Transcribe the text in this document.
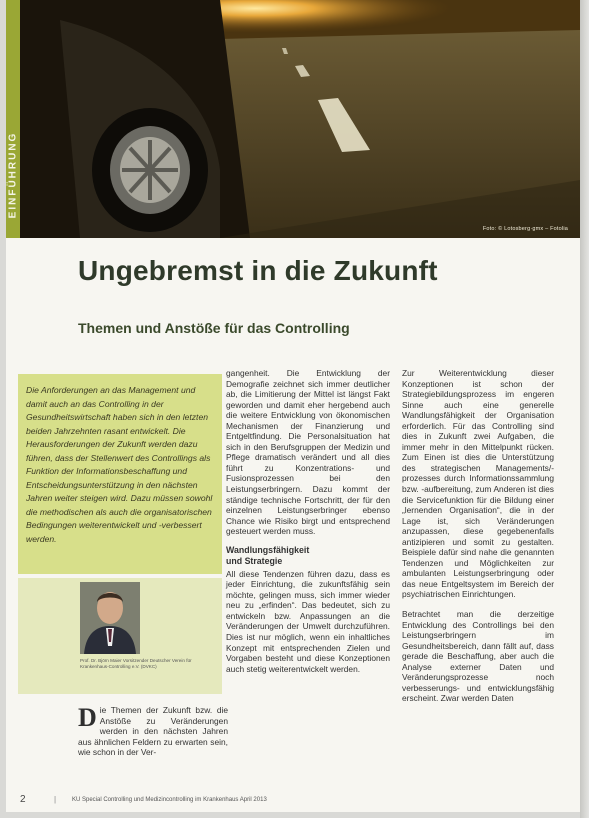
EINFÜHRUNG
Foto: © Lotosberg·gmx – Fotolia
Ungebremst in die Zukunft
Themen und Anstöße für das Controlling

Die Anforderungen an das Management und damit auch an das Controlling in der Gesundheitswirtschaft haben sich in den letzten beiden Jahrzehnten rasant entwickelt. Die Herausforderungen der Zukunft werden dazu führen, dass der Stellenwert des Controllings als Funktion der Informationsbeschaffung und Entscheidungsunterstützung in den nächsten Jahren weiter steigen wird. Dazu müssen sowohl die methodischen als auch die organisatorischen Bedingungen weiterentwickelt und -verbessert werden.

Prof. Dr. Björn Maier Vorsitzender Deutscher Verein für Krankenhaus-Controlling e.V. (DVKC)

Die Themen der Zukunft bzw. die Anstöße zu Veränderungen werden in den nächsten Jahren aus ähnlichen Feldern zu erwarten sein, wie schon in der Ver-

gangenheit. Die Entwicklung der Demografie zeichnet sich immer deutlicher ab, die Limitierung der Mittel ist längst Fakt geworden und damit eher hergebend auch die weitere Entwicklung von ökonomischen Mechanismen der Finanzierung und Entgeltfindung. Die Personalsituation hat sich in den Berufsgruppen der Medizin und Pflege dramatisch verändert und all dies führt zu Konzentrations- und Fusionsprozessen bei den Leistungserbringern. Dazu kommt der ständige technische Fortschritt, der für den einzelnen Leistungserbringer ebenso Chance wie Risiko birgt und entsprechend gesteuert werden muss.

Wandlungsfähigkeit
und Strategie

All diese Tendenzen führen dazu, dass es jeder Einrichtung, die zukunftsfähig sein möchte, gelingen muss, sich immer wieder neu zu „erfinden“. Das bedeutet, sich zu entwickeln bzw. Anpassungen an die Veränderungen der Umwelt durchzuführen. Dies ist nur möglich, wenn ein inhaltliches Konzept mit entsprechenden Zielen und Vorgaben besteht und diese Konzeptionen auch stetig weiterentwickelt werden.

Zur Weiterentwicklung dieser Konzeptionen ist schon der Strategiebildungsprozess im engeren Sinne auch eine generelle Wandlungsfähigkeit der Organisation erforderlich. Für das Controlling sind dies in Zukunft zwei Aufgaben, die immer mehr in den Mittelpunkt rücken. Zum Einen ist dies die Unterstützung des strategischen Managements/-prozesses durch Informationssammlung bzw. -aufbereitung, zum Anderen ist dies die Servicefunktion für die Bildung einer „lernenden Organisation“, die in der Lage ist, sich Veränderungen anzupassen, diese gegebenenfalls antizipieren und somit zu gestalten. Beispiele dafür sind nahe die genannten Tendenzen und Möglichkeiten zur ambulanten Leistungserbringung oder das neue Entgeltsystem im Bereich der psychiatrischen Einrichtungen.

Betrachtet man die derzeitige Entwicklung des Controllings bei den Leistungserbringern im Gesundheitsbereich, dann fällt auf, dass gerade die Beschaffung, aber auch die Analyse externer Daten und Veränderungsprozesse noch verbesserungs- und entwicklungsfähig erscheint. Zwar werden Daten

2	|	KU Special Controlling und Medizincontrolling im Krankenhaus April 2013
